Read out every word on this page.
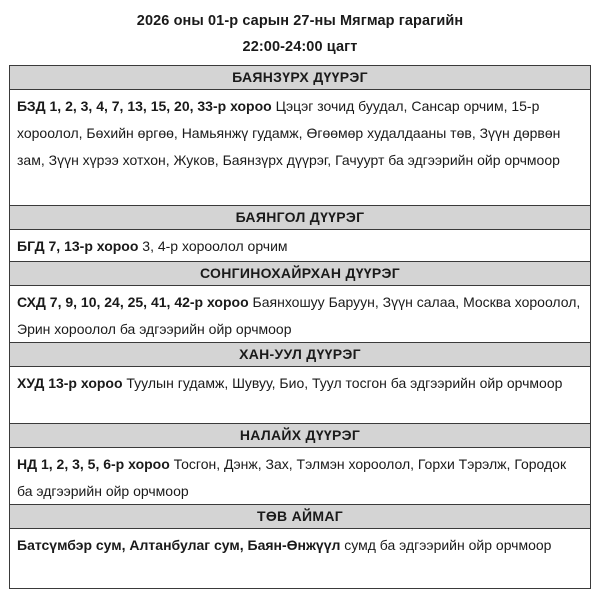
2026 оны 01-р сарын 27-ны Мягмар гарагийн
22:00-24:00 цагт
БАЯНЗҮРХ ДҮҮРЭГ
БЗД 1, 2, 3, 4, 7, 13, 15, 20, 33-р хороо Цэцэг зочид буудал, Сансар орчим, 15-р хороолол, Бөхийн өргөө, Намьянжү гудамж, Өгөөмөр худалдааны төв, Зүүн дөрвөн зам, Зүүн хүрээ хотхон, Жуков, Баянзүрх дүүрэг, Гачуурт ба эдгээрийн ойр орчмоор
БАЯНГОЛ ДҮҮРЭГ
БГД 7, 13-р хороо 3, 4-р хороолол орчим
СОНГИНОХАЙРХАН ДҮҮРЭГ
СХД 7, 9, 10, 24, 25, 41, 42-р хороо Баянхошуу Баруун, Зүүн салаа, Москва хороолол, Эрин хороолол ба эдгээрийн ойр орчмоор
ХАН-УУЛ ДҮҮРЭГ
ХУД 13-р хороо Туулын гудамж, Шувуу, Био, Туул тосгон ба эдгээрийн ойр орчмоор
НАЛАЙХ ДҮҮРЭГ
НД 1, 2, 3, 5, 6-р хороо Тосгон, Дэнж, Зах, Тэлмэн хороолол, Горхи Тэрэлж, Городок ба эдгээрийн ойр орчмоор
ТӨВ АЙМАГ
Батсүмбэр сум, Алтанбулаг сум, Баян-Өнжүүл сумд ба эдгээрийн ойр орчмоор
